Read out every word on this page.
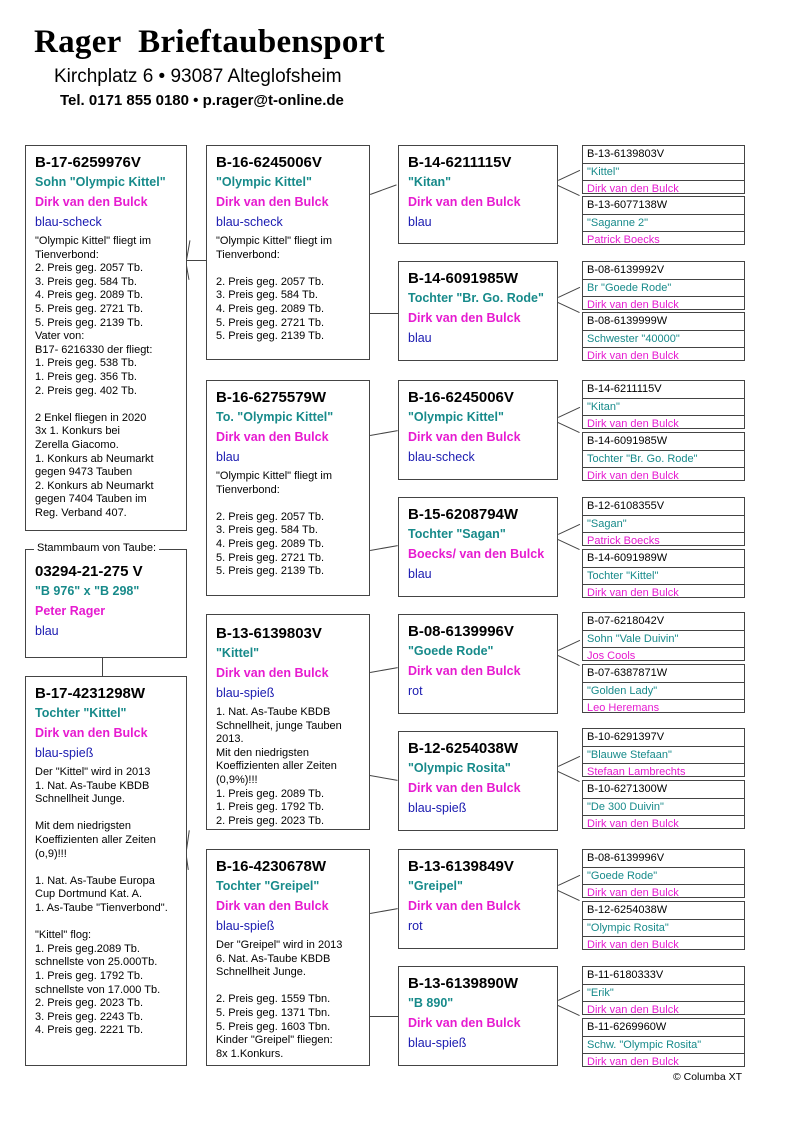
Rager  Brieftaubensport
Kirchplatz 6 • 93087 Alteglofsheim
Tel. 0171 855 0180 • p.rager@t-online.de
B-17-6259976V
Sohn "Olympic Kittel"
Dirk van den Bulck
blau-scheck
"Olympic Kittel" fliegt im
Tienverbond:
2. Preis geg. 2057 Tb.
3. Preis geg. 584 Tb.
4. Preis geg. 2089 Tb.
5. Preis geg. 2721 Tb.
5. Preis geg. 2139 Tb.
Vater von:
B17- 6216330 der fliegt:
1. Preis geg. 538 Tb.
1. Preis geg. 356 Tb.
2. Preis geg. 402 Tb.

2 Enkel fliegen in 2020
3x 1. Konkurs bei
Zerella Giacomo.
1. Konkurs ab Neumarkt
gegen 9473 Tauben
2. Konkurs ab Neumarkt
gegen 7404 Tauben im
Reg. Verband 407.
03294-21-275 V
"B 976" x "B 298"
Peter Rager
blau
Stammbaum von Taube:
B-17-4231298W
Tochter "Kittel"
Dirk van den Bulck
blau-spieß
Der "Kittel" wird in 2013
1. Nat. As-Taube KBDB
Schnellheit Junge.

Mit dem niedrigsten
Koeffizienten aller Zeiten
(o,9)!!!

1. Nat. As-Taube Europa
Cup Dortmund Kat. A.
1. As-Taube "Tienverbond".

"Kittel" flog:
1. Preis geg.2089 Tb.
schnellste von 25.000Tb.
1. Preis geg. 1792 Tb.
schnellste von 17.000 Tb.
2. Preis geg. 2023 Tb.
3. Preis geg. 2243 Tb.
4. Preis geg. 2221 Tb.
B-16-6245006V
"Olympic Kittel"
Dirk van den Bulck
blau-scheck
"Olympic Kittel" fliegt im
Tienverbond:

2. Preis geg. 2057 Tb.
3. Preis geg. 584 Tb.
4. Preis geg. 2089 Tb.
5. Preis geg. 2721 Tb.
5. Preis geg. 2139 Tb.
B-16-6275579W
To. "Olympic Kittel"
Dirk van den Bulck
blau
"Olympic Kittel" fliegt im
Tienverbond:

2. Preis geg. 2057 Tb.
3. Preis geg. 584 Tb.
4. Preis geg. 2089 Tb.
5. Preis geg. 2721 Tb.
5. Preis geg. 2139 Tb.
B-13-6139803V
"Kittel"
Dirk van den Bulck
blau-spieß
1. Nat. As-Taube KBDB
Schnellheit, junge Tauben
2013.
Mit den niedrigsten
Koeffizienten aller Zeiten
(0,9%)!!!
1. Preis geg. 2089 Tb.
1. Preis geg. 1792 Tb.
2. Preis geg. 2023 Tb.
B-16-4230678W
Tochter "Greipel"
Dirk van den Bulck
blau-spieß
Der "Greipel" wird in 2013
6. Nat. As-Taube KBDB
Schnellheit Junge.

2. Preis geg. 1559 Tbn.
5. Preis geg. 1371 Tbn.
5. Preis geg. 1603 Tbn.
Kinder "Greipel" fliegen:
8x 1.Konkurs.
B-14-6211115V
"Kitan"
Dirk van den Bulck
blau
B-14-6091985W
Tochter "Br. Go. Rode"
Dirk van den Bulck
blau
B-16-6245006V
"Olympic Kittel"
Dirk van den Bulck
blau-scheck
B-15-6208794W
Tochter "Sagan"
Boecks/ van den Bulck
blau
B-08-6139996V
"Goede Rode"
Dirk van den Bulck
rot
B-12-6254038W
"Olympic Rosita"
Dirk van den Bulck
blau-spieß
B-13-6139849V
"Greipel"
Dirk van den Bulck
rot
B-13-6139890W
"B 890"
Dirk van den Bulck
blau-spieß
B-13-6139803V
"Kittel"
Dirk van den Bulck
B-13-6077138W
"Saganne 2"
Patrick Boecks
B-08-6139992V
Br "Goede Rode"
Dirk van den Bulck
B-08-6139999W
Schwester "40000"
Dirk van den Bulck
B-14-6211115V
"Kitan"
Dirk van den Bulck
B-14-6091985W
Tochter "Br. Go. Rode"
Dirk van den Bulck
B-12-6108355V
"Sagan"
Patrick Boecks
B-14-6091989W
Tochter "Kittel"
Dirk van den Bulck
B-07-6218042V
Sohn "Vale Duivin"
Jos Cools
B-07-6387871W
"Golden Lady"
Leo Heremans
B-10-6291397V
"Blauwe Stefaan"
Stefaan Lambrechts
B-10-6271300W
"De 300 Duivin"
Dirk van den Bulck
B-08-6139996V
"Goede Rode"
Dirk van den Bulck
B-12-6254038W
"Olympic Rosita"
Dirk van den Bulck
B-11-6180333V
"Erik"
Dirk van den Bulck
B-11-6269960W
Schw. "Olympic Rosita"
Dirk van den Bulck
© Columba XT
